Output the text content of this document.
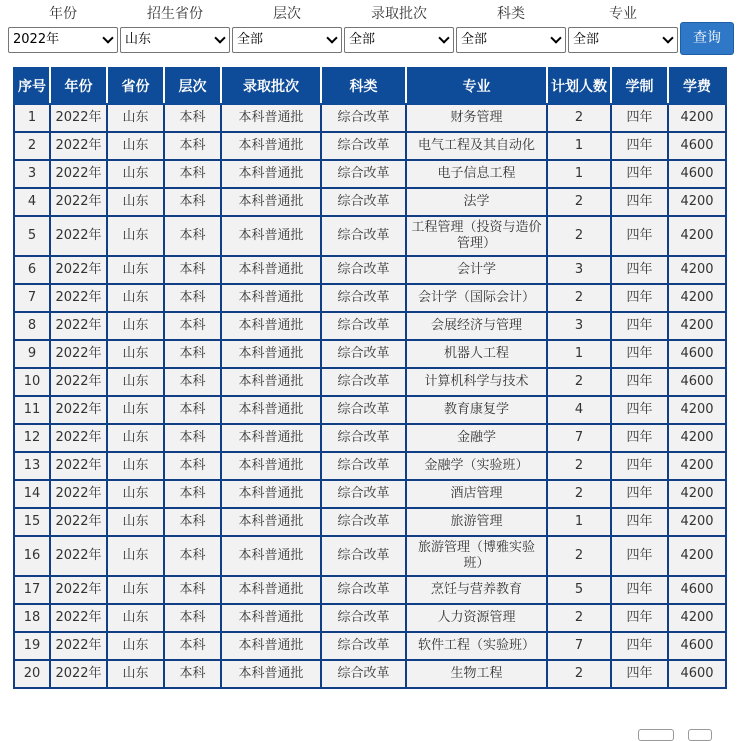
年份
2022年
招生省份
山东
层次
全部
录取批次
全部
科类
全部
专业
全部	查询
序号	年份	省份	层次	录取批次	科类	专业	计划人数	学制	学费
1	2022年	山东	本科	本科普通批	综合改革	财务管理	2	四年	4200
2	2022年	山东	本科	本科普通批	综合改革	电气工程及其自动化	1	四年	4600
3	2022年	山东	本科	本科普通批	综合改革	电子信息工程	1	四年	4600
4	2022年	山东	本科	本科普通批	综合改革	法学	2	四年	4200
5	2022年	山东	本科	本科普通批	综合改革	工程管理（投资与造价管理）	2	四年	4200
6	2022年	山东	本科	本科普通批	综合改革	会计学	3	四年	4200
7	2022年	山东	本科	本科普通批	综合改革	会计学（国际会计）	2	四年	4200
8	2022年	山东	本科	本科普通批	综合改革	会展经济与管理	3	四年	4200
9	2022年	山东	本科	本科普通批	综合改革	机器人工程	1	四年	4600
10	2022年	山东	本科	本科普通批	综合改革	计算机科学与技术	2	四年	4600
11	2022年	山东	本科	本科普通批	综合改革	教育康复学	4	四年	4200
12	2022年	山东	本科	本科普通批	综合改革	金融学	7	四年	4200
13	2022年	山东	本科	本科普通批	综合改革	金融学（实验班）	2	四年	4200
14	2022年	山东	本科	本科普通批	综合改革	酒店管理	2	四年	4200
15	2022年	山东	本科	本科普通批	综合改革	旅游管理	1	四年	4200
16	2022年	山东	本科	本科普通批	综合改革	旅游管理（博雅实验班）	2	四年	4200
17	2022年	山东	本科	本科普通批	综合改革	烹饪与营养教育	5	四年	4600
18	2022年	山东	本科	本科普通批	综合改革	人力资源管理	2	四年	4200
19	2022年	山东	本科	本科普通批	综合改革	软件工程（实验班）	7	四年	4600
20	2022年	山东	本科	本科普通批	综合改革	生物工程	2	四年	4600
